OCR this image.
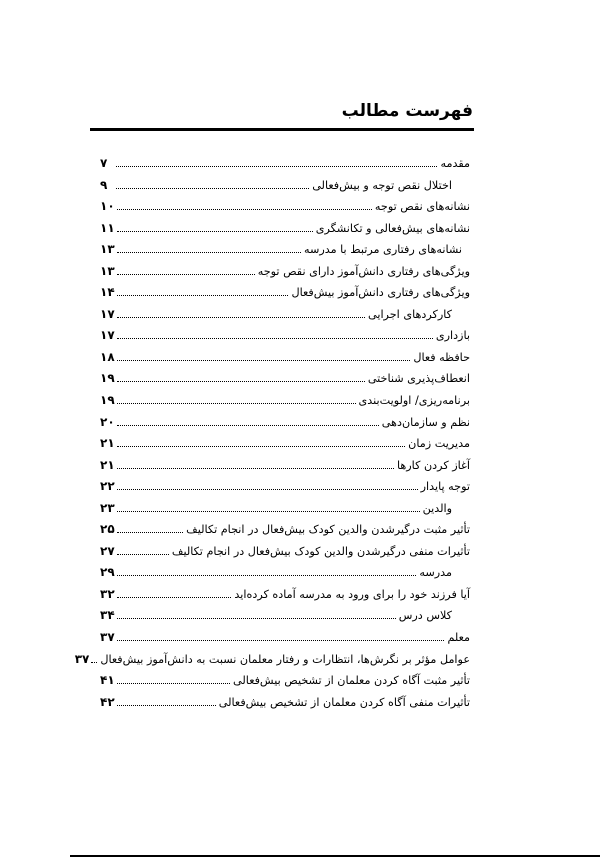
فهرست مطالب
مقدمه
۷
اختلال نقص توجه و بیش‌فعالی
۹
نشانه‌های نقص توجه
۱۰
نشانه‌های بیش‌فعالی و تکانشگری
۱۱
نشانه‌های رفتاری مرتبط با مدرسه
۱۳
ویژگی‌های رفتاری دانش‌آموز دارای نقص توجه
۱۳
ویژگی‌های رفتاری دانش‌آموز بیش‌فعال
۱۴
کارکردهای اجرایی
۱۷
بازداری
۱۷
حافظه فعال
۱۸
انعطاف‌پذیری شناختی
۱۹
برنامه‌ریزی/ اولویت‌بندی
۱۹
نظم و سازمان‌دهی
۲۰
مدیریت زمان
۲۱
آغاز کردن کارها
۲۱
توجه پایدار
۲۲
والدین
۲۳
تأثیر مثبت درگیرشدن والدین کودک بیش‌فعال در انجام تکالیف
۲۵
تأثیرات منفی درگیرشدن والدین کودک بیش‌فعال در انجام تکالیف
۲۷
مدرسه
۲۹
آیا فرزند خود را برای ورود به مدرسه آماده کرده‌اید
۳۲
کلاس درس
۳۴
معلم
۳۷
عوامل مؤثر بر نگرش‌ها، انتظارات و رفتار معلمان نسبت به دانش‌آموز بیش‌فعال
۳۷
تأثیر مثبت آگاه کردن معلمان از تشخیص بیش‌فعالی
۴۱
تأثیرات منفی آگاه کردن معلمان از تشخیص بیش‌فعالی
۴۲
